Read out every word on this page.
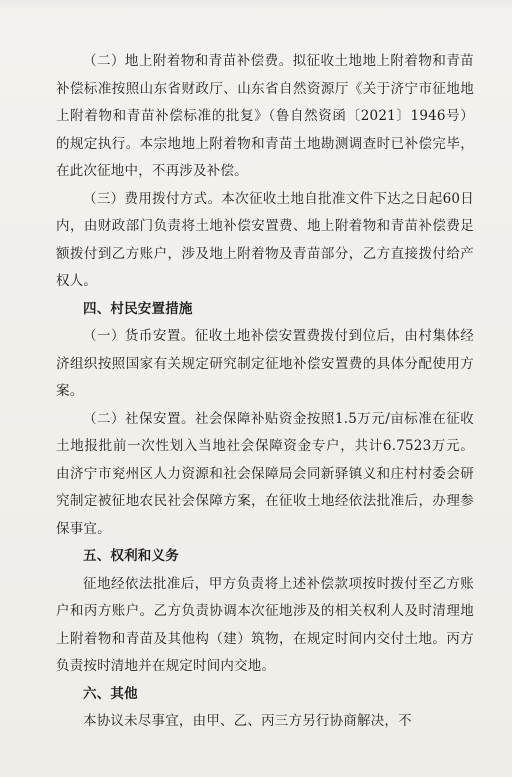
（二）地上附着物和青苗补偿费。拟征收土地地上附着物和青苗补偿标准按照山东省财政厅、山东省自然资源厅《关于济宁市征地地上附着物和青苗补偿标准的批复》（鲁自然资函〔2021〕1946号）的规定执行。本宗地地上附着物和青苗土地勘测调查时已补偿完毕，在此次征地中，不再涉及补偿。

（三）费用拨付方式。本次征收土地自批准文件下达之日起60日内，由财政部门负责将土地补偿安置费、地上附着物和青苗补偿费足额拨付到乙方账户，涉及地上附着物及青苗部分，乙方直接拨付给产权人。

四、村民安置措施

（一）货币安置。征收土地补偿安置费拨付到位后，由村集体经济组织按照国家有关规定研究制定征地补偿安置费的具体分配使用方案。

（二）社保安置。社会保障补贴资金按照1.5万元/亩标准在征收土地报批前一次性划入当地社会保障资金专户，共计6.7523万元。由济宁市兖州区人力资源和社会保障局会同新驿镇义和庄村村委会研究制定被征地农民社会保障方案，在征收土地经依法批准后，办理参保事宜。

五、权利和义务

征地经依法批准后，甲方负责将上述补偿款项按时拨付至乙方账户和丙方账户。乙方负责协调本次征地涉及的相关权利人及时清理地上附着物和青苗及其他构（建）筑物，在规定时间内交付土地。丙方负责按时清地并在规定时间内交地。

六、其他

本协议未尽事宜，由甲、乙、丙三方另行协商解决，不
